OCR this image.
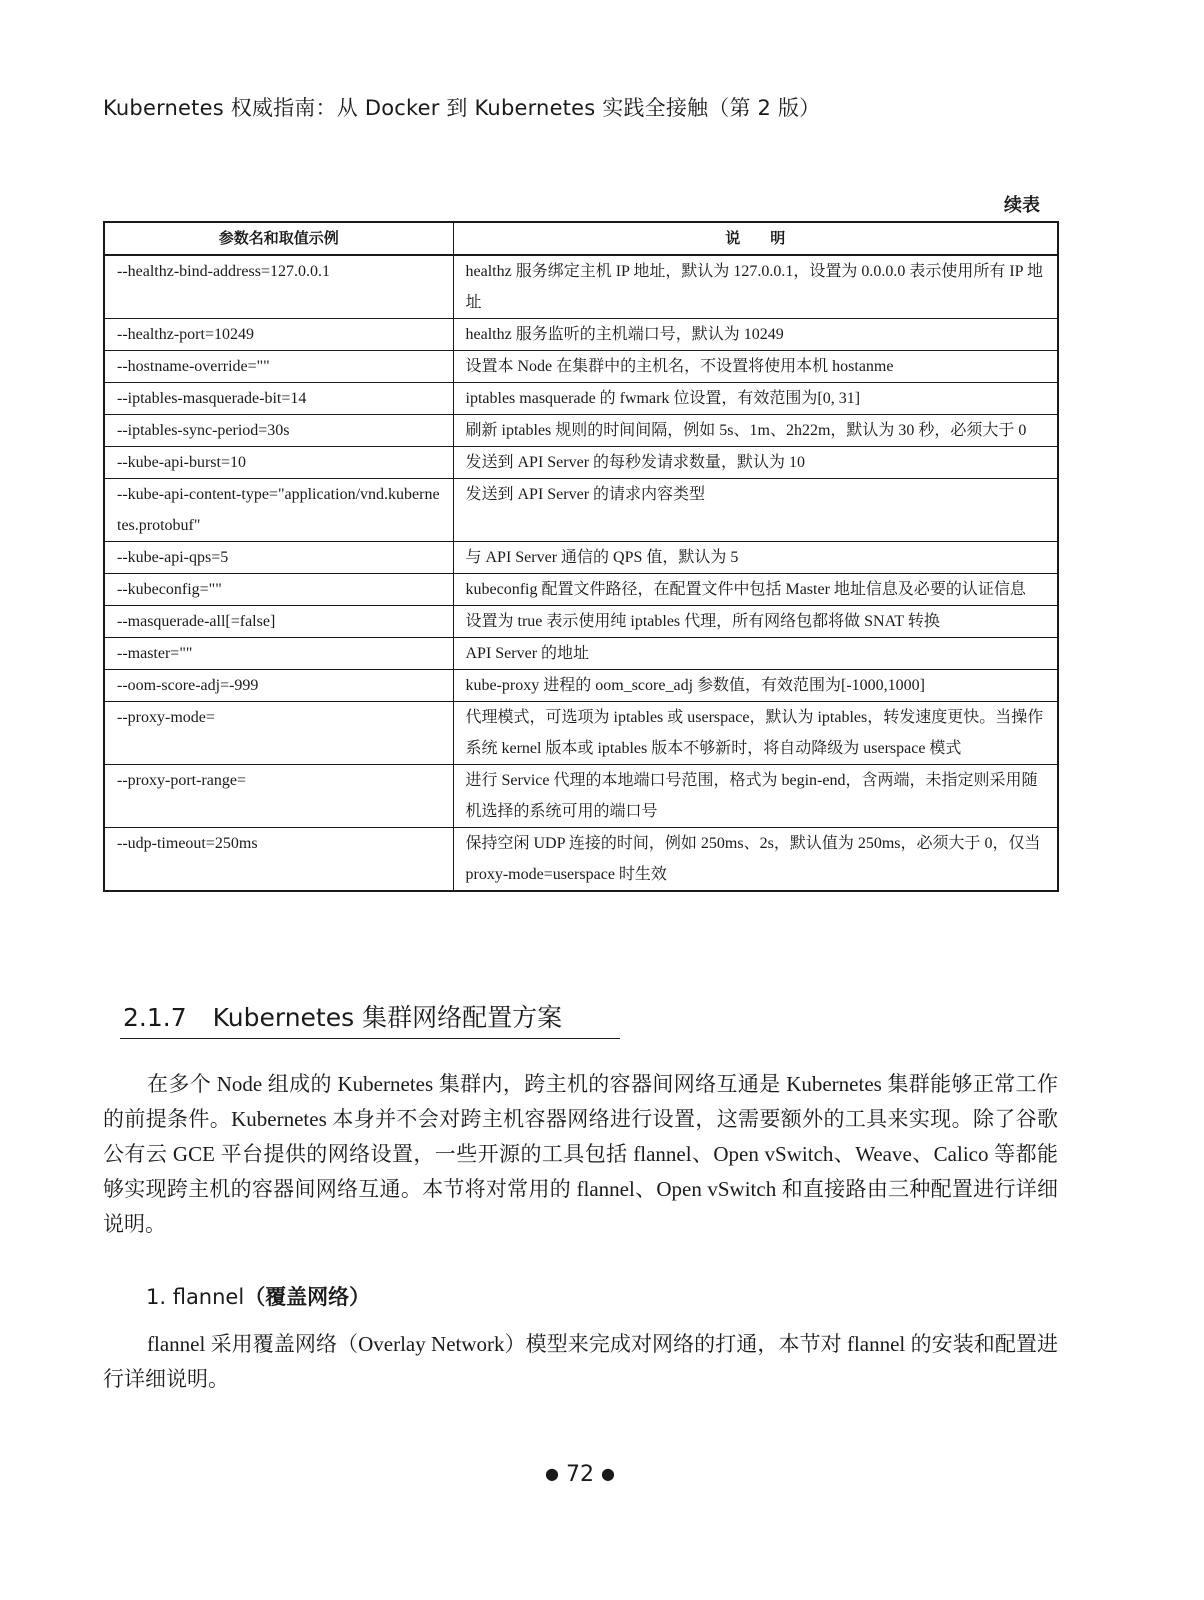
Kubernetes 权威指南：从 Docker 到 Kubernetes 实践全接触（第 2 版）
续表
参数名和取值示例	说　　明
--healthz-bind-address=127.0.0.1	healthz 服务绑定主机 IP 地址，默认为 127.0.0.1，设置为 0.0.0.0 表示使用所有 IP 地址
--healthz-port=10249	healthz 服务监听的主机端口号，默认为 10249
--hostname-override=""	设置本 Node 在集群中的主机名，不设置将使用本机 hostanme
--iptables-masquerade-bit=14	iptables masquerade 的 fwmark 位设置，有效范围为[0, 31]
--iptables-sync-period=30s	刷新 iptables 规则的时间间隔，例如 5s、1m、2h22m，默认为 30 秒，必须大于 0
--kube-api-burst=10	发送到 API Server 的每秒发请求数量，默认为 10
--kube-api-content-type="application/vnd.kubernetes.protobuf"	发送到 API Server 的请求内容类型
--kube-api-qps=5	与 API Server 通信的 QPS 值，默认为 5
--kubeconfig=""	kubeconfig 配置文件路径，在配置文件中包括 Master 地址信息及必要的认证信息
--masquerade-all[=false]	设置为 true 表示使用纯 iptables 代理，所有网络包都将做 SNAT 转换
--master=""	API Server 的地址
--oom-score-adj=-999	kube-proxy 进程的 oom_score_adj 参数值，有效范围为[-1000,1000]
--proxy-mode=	代理模式，可选项为 iptables 或 userspace，默认为 iptables，转发速度更快。当操作系统 kernel 版本或 iptables 版本不够新时，将自动降级为 userspace 模式
--proxy-port-range=	进行 Service 代理的本地端口号范围，格式为 begin-end，含两端，未指定则采用随机选择的系统可用的端口号
--udp-timeout=250ms	保持空闲 UDP 连接的时间，例如 250ms、2s，默认值为 250ms，必须大于 0，仅当 proxy-mode=userspace 时生效
2.1.7 Kubernetes 集群网络配置方案
在多个 Node 组成的 Kubernetes 集群内，跨主机的容器间网络互通是 Kubernetes 集群能够正常工作的前提条件。Kubernetes 本身并不会对跨主机容器网络进行设置，这需要额外的工具来实现。除了谷歌公有云 GCE 平台提供的网络设置，一些开源的工具包括 flannel、Open vSwitch、Weave、Calico 等都能够实现跨主机的容器间网络互通。本节将对常用的 flannel、Open vSwitch 和直接路由三种配置进行详细说明。
1. flannel（覆盖网络）
flannel 采用覆盖网络（Overlay Network）模型来完成对网络的打通，本节对 flannel 的安装和配置进行详细说明。
● 72 ●
